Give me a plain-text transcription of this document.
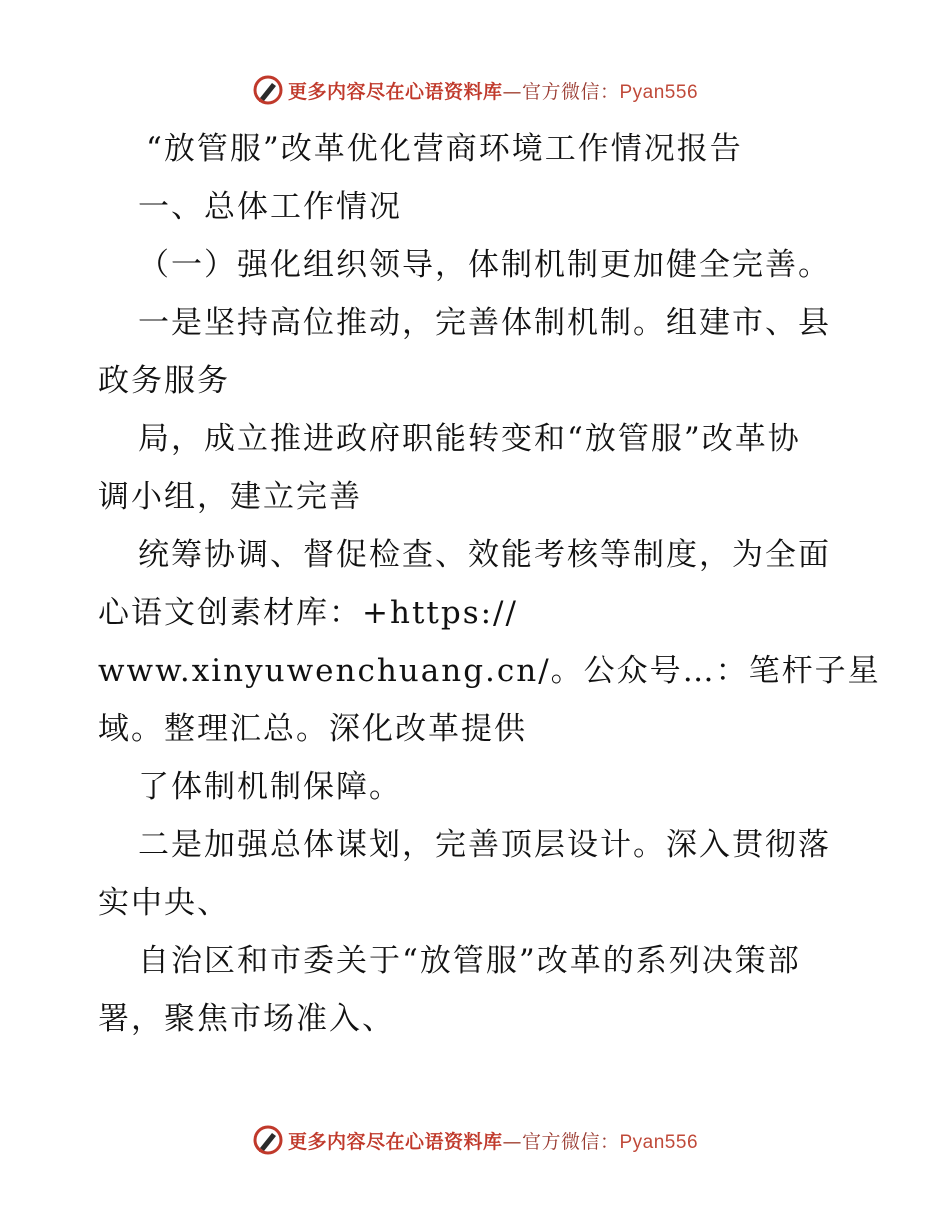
更多内容尽在心语资料库—官方微信：Pyan556
“放管服”改革优化营商环境工作情况报告
一、总体工作情况
（一）强化组织领导，体制机制更加健全完善。
一是坚持高位推动，完善体制机制。组建市、县
政务服务
局，成立推进政府职能转变和“放管服”改革协
调小组，建立完善
统筹协调、督促检查、效能考核等制度，为全面
心语文创素材库：+https://
www.xinyuwenchuang.cn/。公众号…：笔杆子星
域。整理汇总。深化改革提供
了体制机制保障。
二是加强总体谋划，完善顶层设计。深入贯彻落
实中央、
自治区和市委关于“放管服”改革的系列决策部
署，聚焦市场准入、
更多内容尽在心语资料库—官方微信：Pyan556
